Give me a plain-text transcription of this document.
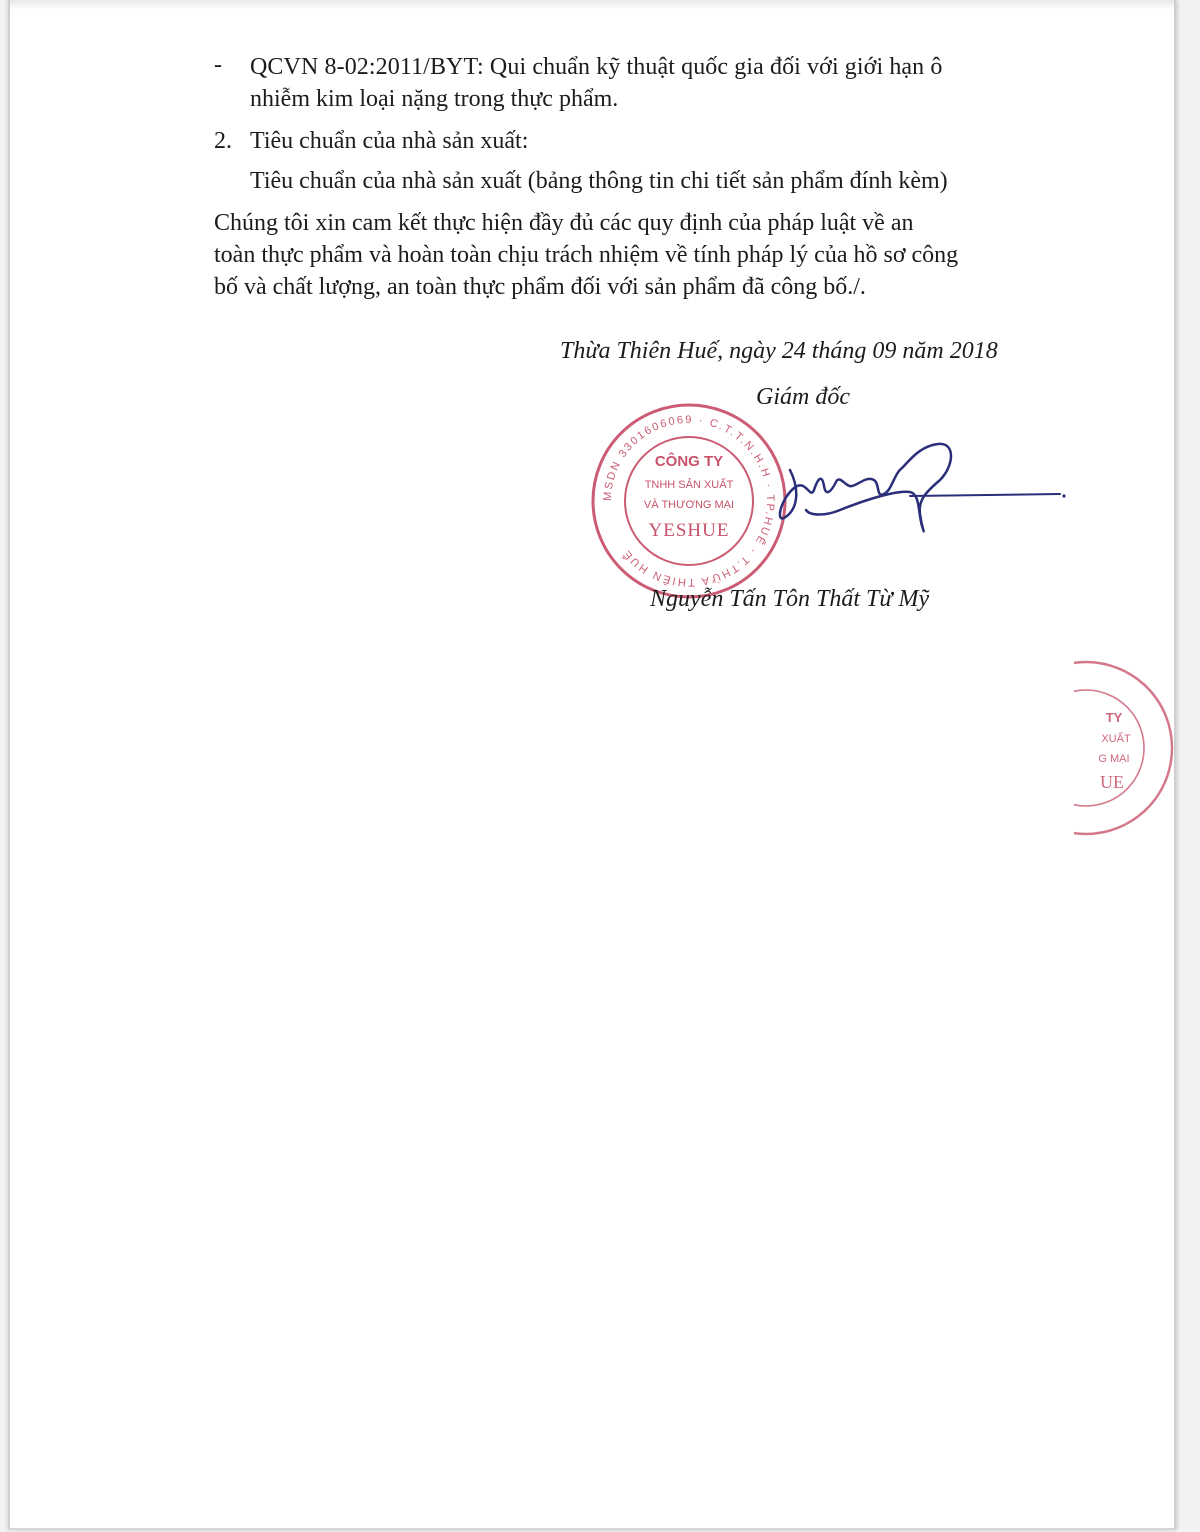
- QCVN 8-02:2011/BYT: Qui chuẩn kỹ thuật quốc gia đối với giới hạn ô
nhiễm kim loại nặng trong thực phẩm.
2. Tiêu chuẩn của nhà sản xuất:
Tiêu chuẩn của nhà sản xuất (bảng thông tin chi tiết sản phẩm đính kèm)
Chúng tôi xin cam kết thực hiện đầy đủ các quy định của pháp luật về an
toàn thực phẩm và hoàn toàn chịu trách nhiệm về tính pháp lý của hồ sơ công
bố và chất lượng, an toàn thực phẩm đối với sản phẩm đã công bố./.
Thừa Thiên Huế, ngày 24 tháng 09 năm 2018
Giám đốc
MSDN 3301606069 · C.T.T.N.H.H · TP.HUẾ · T.THỪA THIÊN HUẾ
CÔNG TY
TNHH SẢN XUẤT
VÀ THƯƠNG MẠI
YESHUE
Nguyễn Tấn Tôn Thất Từ Mỹ
TY
XUẤT
G MẠI
UE
